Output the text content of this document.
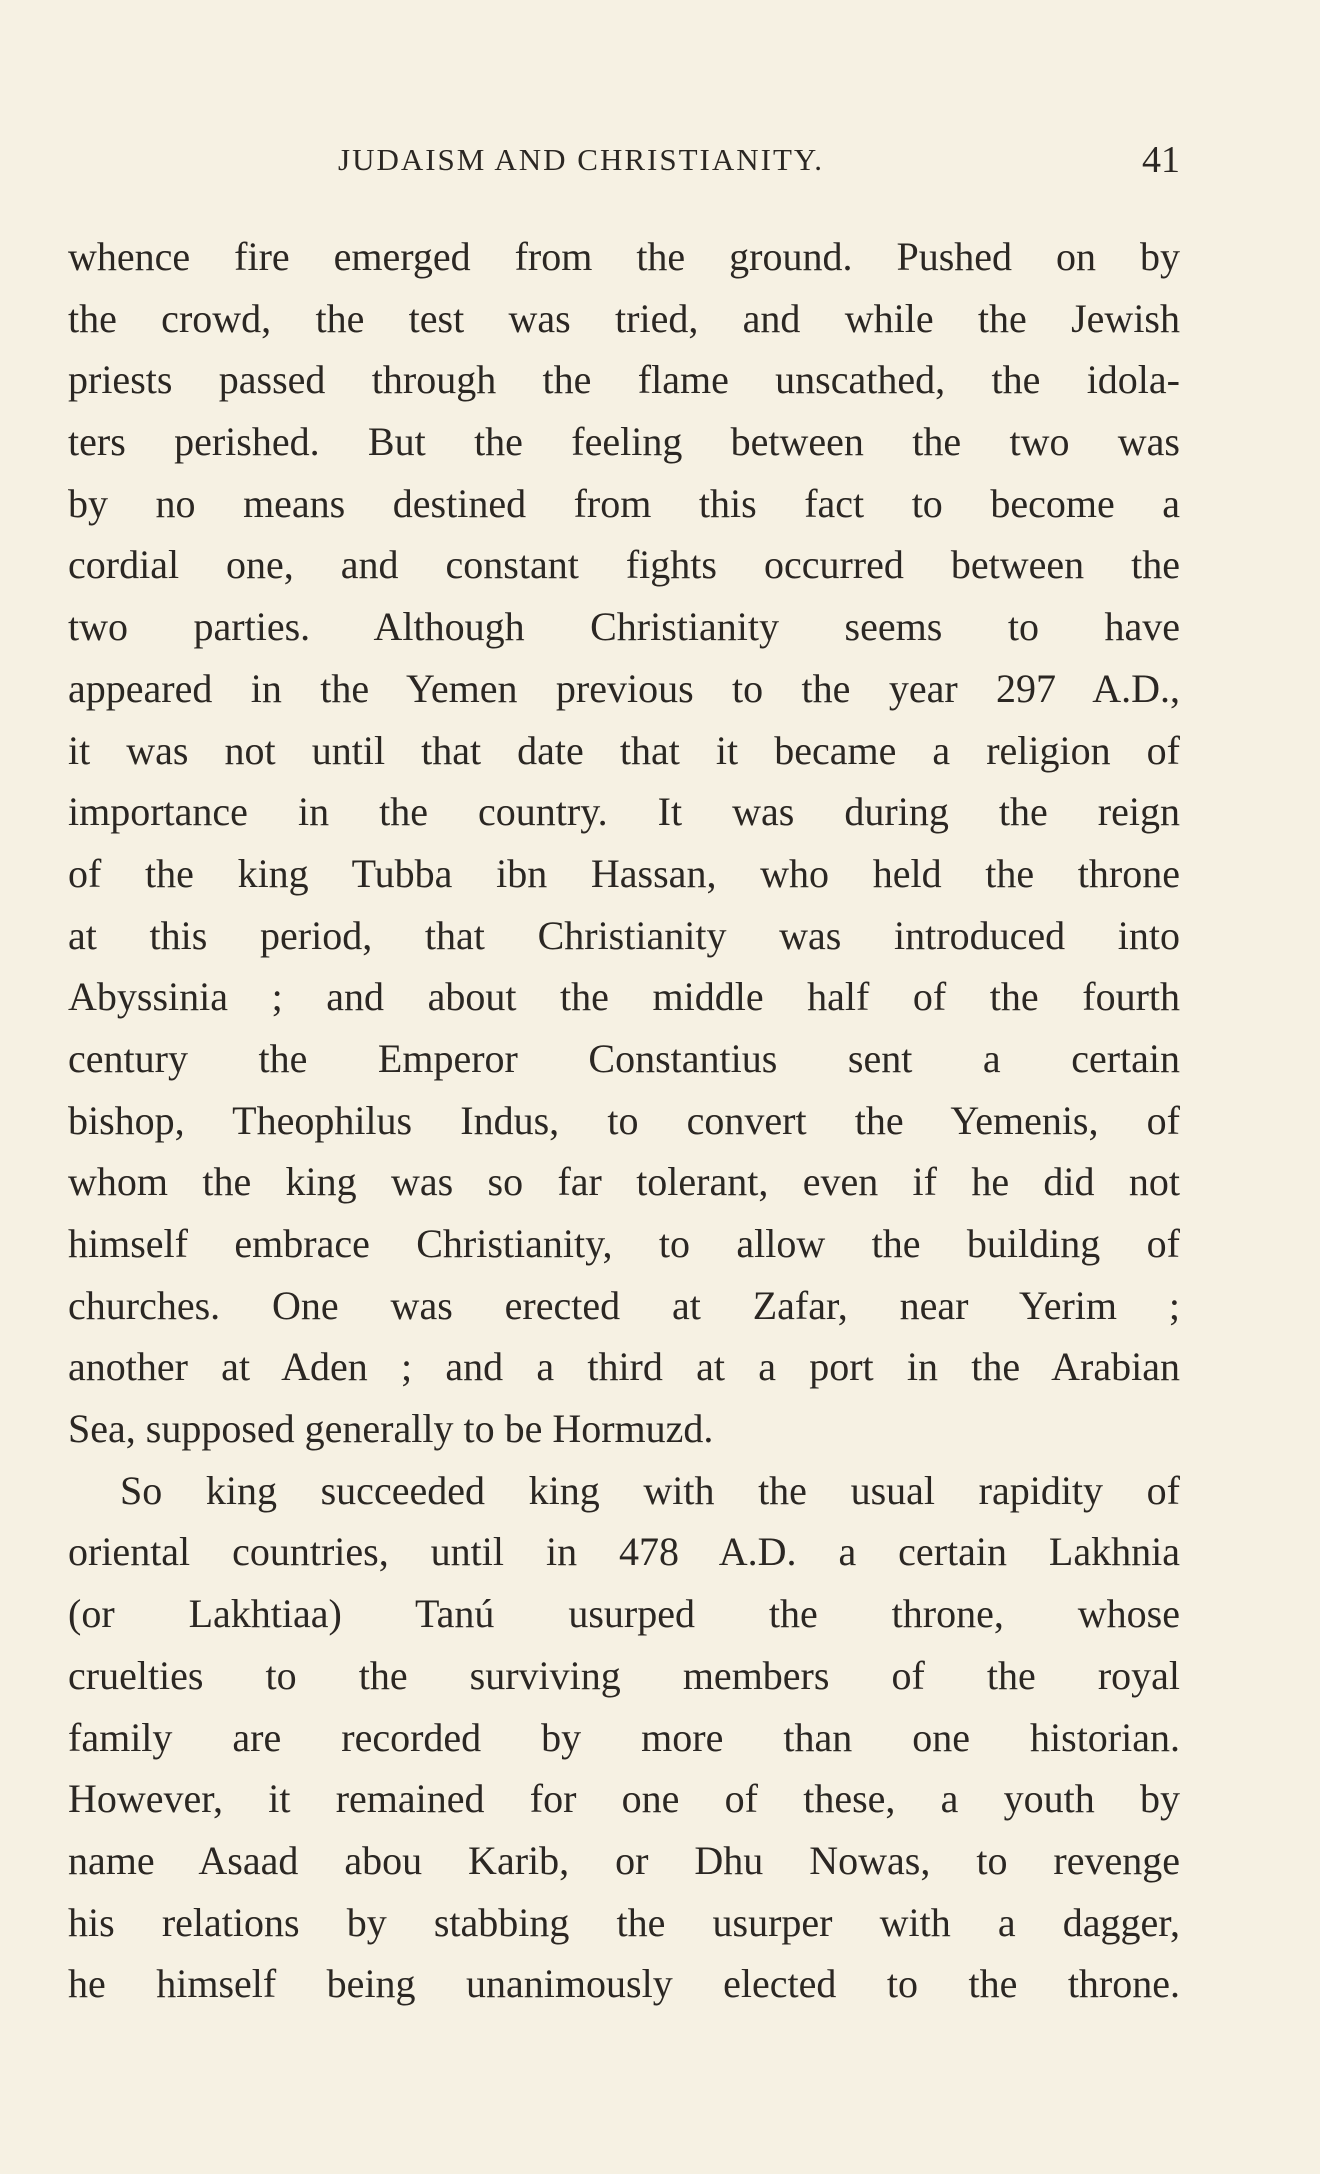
JUDAISM AND CHRISTIANITY.	41
whence fire emerged from the ground. Pushed on by
the crowd, the test was tried, and while the Jewish
priests passed through the flame unscathed, the idola-
ters perished. But the feeling between the two was
by no means destined from this fact to become a
cordial one, and constant fights occurred between the
two parties. Although Christianity seems to have
appeared in the Yemen previous to the year 297 A.D.,
it was not until that date that it became a religion of
importance in the country. It was during the reign
of the king Tubba ibn Hassan, who held the throne
at this period, that Christianity was introduced into
Abyssinia ; and about the middle half of the fourth
century the Emperor Constantius sent a certain
bishop, Theophilus Indus, to convert the Yemenis, of
whom the king was so far tolerant, even if he did not
himself embrace Christianity, to allow the building of
churches. One was erected at Zafar, near Yerim ;
another at Aden ; and a third at a port in the Arabian
Sea, supposed generally to be Hormuzd.
So king succeeded king with the usual rapidity of
oriental countries, until in 478 A.D. a certain Lakhnia
(or Lakhtiaa) Tanú usurped the throne, whose
cruelties to the surviving members of the royal
family are recorded by more than one historian.
However, it remained for one of these, a youth by
name Asaad abou Karib, or Dhu Nowas, to revenge
his relations by stabbing the usurper with a dagger,
he himself being unanimously elected to the throne.
